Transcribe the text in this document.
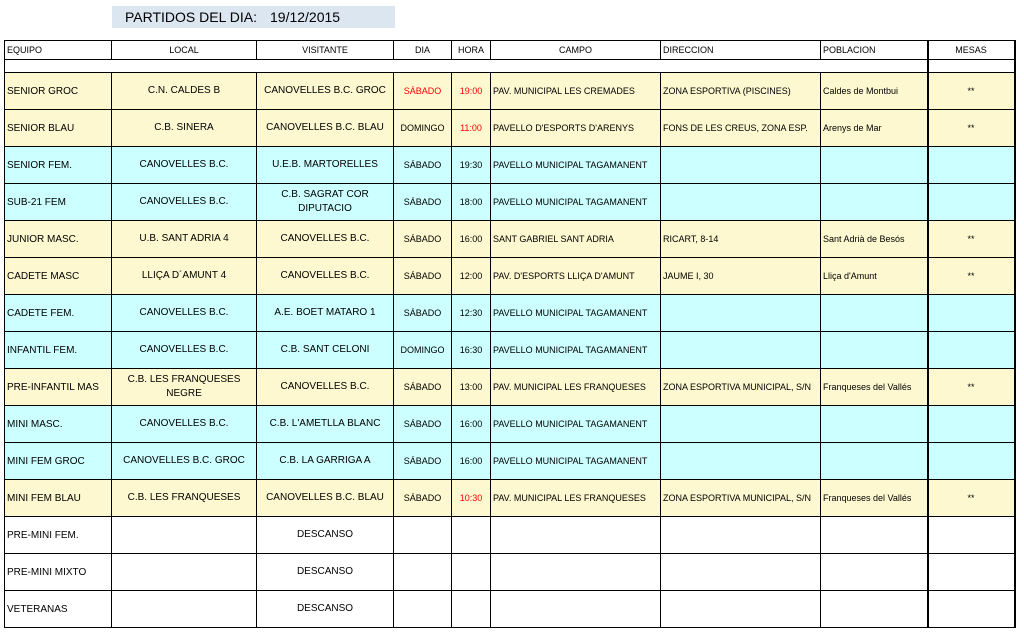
PARTIDOS DEL DIA: 19/12/2015
EQUIPO	LOCAL	VISITANTE	DIA	HORA	CAMPO	DIRECCION	POBLACION	MESAS

SENIOR GROC	C.N. CALDES B	CANOVELLES B.C. GROC	SÁBADO	19:00	PAV. MUNICIPAL LES CREMADES	ZONA ESPORTIVA (PISCINES)	Caldes de Montbui	**
SENIOR BLAU	C.B. SINERA	CANOVELLES B.C. BLAU	DOMINGO	11:00	PAVELLO D'ESPORTS D'ARENYS	FONS DE LES CREUS, ZONA ESP.	Arenys de Mar	**
SENIOR FEM.	CANOVELLES B.C.	U.E.B. MARTORELLES	SÁBADO	19:30	PAVELLO MUNICIPAL TAGAMANENT			
SUB-21 FEM	CANOVELLES B.C.	C.B. SAGRAT COR DIPUTACIO	SÁBADO	18:00	PAVELLO MUNICIPAL TAGAMANENT			
JUNIOR MASC.	U.B. SANT ADRIA 4	CANOVELLES B.C.	SÁBADO	16:00	SANT GABRIEL SANT ADRIA	RICART, 8-14	Sant Adrià de Besós	**
CADETE MASC	LLIÇA D´AMUNT 4	CANOVELLES B.C.	SÁBADO	12:00	PAV. D'ESPORTS LLIÇA D'AMUNT	JAUME I, 30	Lliça d'Amunt	**
CADETE FEM.	CANOVELLES B.C.	A.E. BOET MATARO 1	SÁBADO	12:30	PAVELLO MUNICIPAL TAGAMANENT			
INFANTIL FEM.	CANOVELLES B.C.	C.B. SANT CELONI	DOMINGO	16:30	PAVELLO MUNICIPAL TAGAMANENT			
PRE-INFANTIL MAS	C.B. LES FRANQUESES NEGRE	CANOVELLES B.C.	SÁBADO	13:00	PAV. MUNICIPAL LES FRANQUESES	ZONA ESPORTIVA MUNICIPAL, S/N	Franqueses del Vallés	**
MINI MASC.	CANOVELLES B.C.	C.B. L'AMETLLA BLANC	SÁBADO	16:00	PAVELLO MUNICIPAL TAGAMANENT			
MINI FEM GROC	CANOVELLES B.C. GROC	C.B. LA GARRIGA A	SÁBADO	16:00	PAVELLO MUNICIPAL TAGAMANENT			
MINI FEM BLAU	C.B. LES FRANQUESES	CANOVELLES B.C. BLAU	SÁBADO	10:30	PAV. MUNICIPAL LES FRANQUESES	ZONA ESPORTIVA MUNICIPAL, S/N	Franqueses del Vallés	**
PRE-MINI FEM.		DESCANSO						
PRE-MINI MIXTO		DESCANSO						
VETERANAS		DESCANSO						
